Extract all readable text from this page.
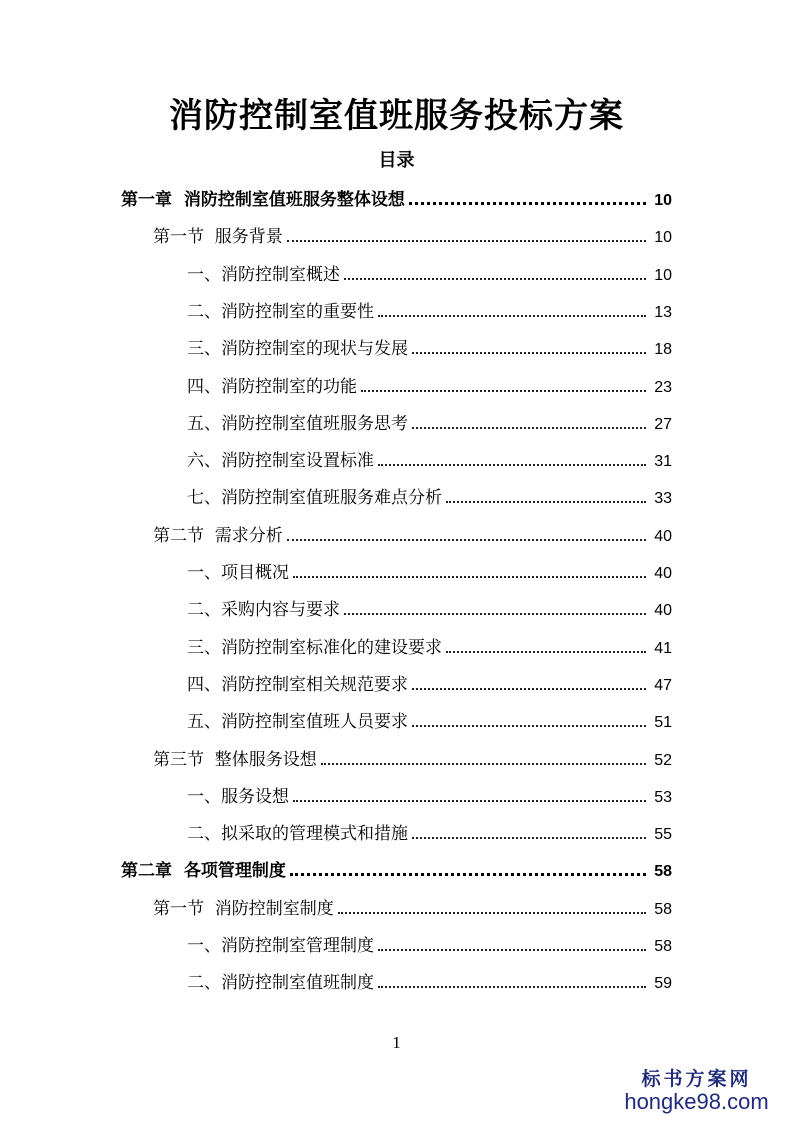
消防控制室值班服务投标方案
目录
第一章  消防控制室值班服务整体设想	10
第一节  服务背景	10
一、消防控制室概述	10
二、消防控制室的重要性	13
三、消防控制室的现状与发展	18
四、消防控制室的功能	23
五、消防控制室值班服务思考	27
六、消防控制室设置标准	31
七、消防控制室值班服务难点分析	33
第二节  需求分析	40
一、项目概况	40
二、采购内容与要求	40
三、消防控制室标准化的建设要求	41
四、消防控制室相关规范要求	47
五、消防控制室值班人员要求	51
第三节  整体服务设想	52
一、服务设想	53
二、拟采取的管理模式和措施	55
第二章  各项管理制度	58
第一节  消防控制室制度	58
一、消防控制室管理制度	58
二、消防控制室值班制度	59
1
标书方案网
hongke98.com
